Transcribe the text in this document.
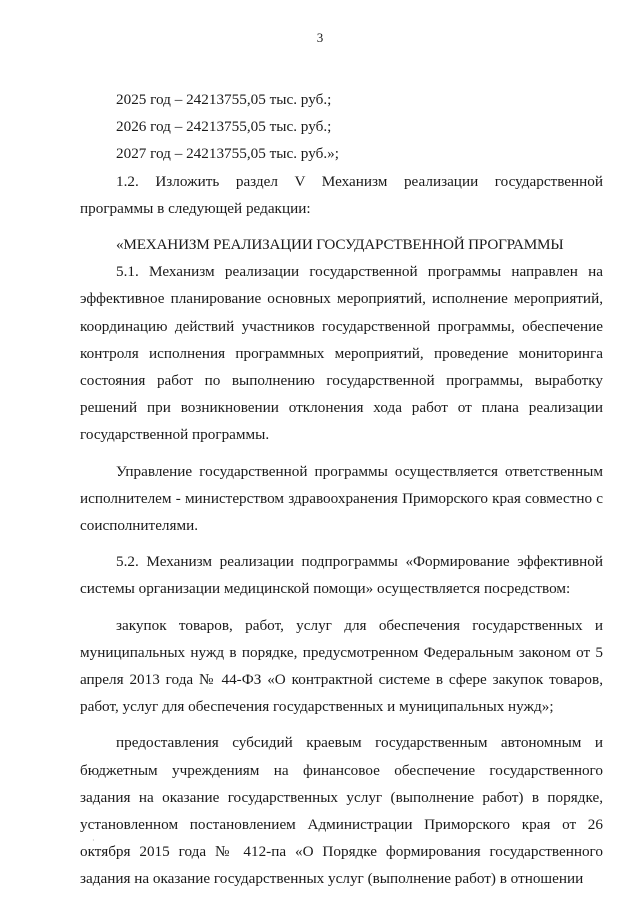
3

2025 год – 24213755,05 тыс. руб.;

2026 год – 24213755,05 тыс. руб.;

2027 год – 24213755,05 тыс. руб.»;

1.2. Изложить раздел V Механизм реализации государственной программы в следующей редакции:

«МЕХАНИЗМ РЕАЛИЗАЦИИ ГОСУДАРСТВЕННОЙ ПРОГРАММЫ

5.1. Механизм реализации государственной программы направлен на эффективное планирование основных мероприятий, исполнение мероприятий, координацию действий участников государственной программы, обеспечение контроля исполнения программных мероприятий, проведение мониторинга состояния работ по выполнению государственной программы, выработку решений при возникновении отклонения хода работ от плана реализации государственной программы.

Управление государственной программы осуществляется ответственным исполнителем - министерством здравоохранения Приморского края совместно с соисполнителями.

5.2. Механизм реализации подпрограммы «Формирование эффективной системы организации медицинской помощи» осуществляется посредством:

закупок товаров, работ, услуг для обеспечения государственных и муниципальных нужд в порядке, предусмотренном Федеральным законом от 5 апреля 2013 года № 44-ФЗ «О контрактной системе в сфере закупок товаров, работ, услуг для обеспечения государственных и муниципальных нужд»;

предоставления субсидий краевым государственным автономным и бюджетным учреждениям на финансовое обеспечение государственного задания на оказание государственных услуг (выполнение работ) в порядке, установленном постановлением Администрации Приморского края от 26 октября 2015 года № 412-па «О Порядке формирования государственного задания на оказание государственных услуг (выполнение работ) в отношении

·
